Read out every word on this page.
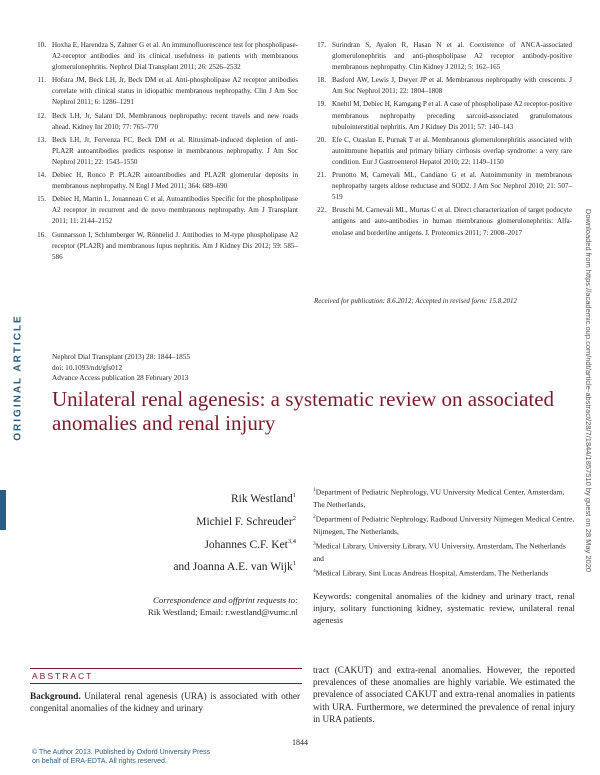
10. Hoxha E, Harendza S, Zahner G et al. An immunofluorescence test for phospholipase-A2-receptor antibodies and its clinical usefulness in patients with membranous glomerulonephritis. Nephrol Dial Transplant 2011; 26: 2526–2532
11. Hofstra JM, Beck LH, Jr, Beck DM et al. Anti-phospholipase A2 receptor antibodies correlate with clinical status in idiopathic membranous nephropathy. Clin J Am Soc Nephrol 2011; 6: 1286–1291
12. Beck LH, Jr, Salant DJ. Membranous nephropathy: recent travels and new roads ahead. Kidney Int 2010; 77: 765–770
13. Beck LH, Jr, Fervenza FC, Beck DM et al. Rituximab-induced depletion of anti-PLA2R autoantibodies predicts response in membranous nephropathy. J Am Soc Nephrol 2011; 22: 1543–1550
14. Debiec H, Ronco P. PLA2R autoantibodies and PLA2R glomerular deposits in membranous nephropathy. N Engl J Med 2011; 364: 689–690
15. Debiec H, Martin L, Jouanneau C et al. Autoantibodies Specific for the phospholipase A2 receptor in recurrent and de novo membranous nephropathy. Am J Transplant 2011; 11: 2144–2152
16. Gunnarsson I, Schlumberger W, Rönnelid J. Antibodies to M-type phospholipase A2 receptor (PLA2R) and membranous lupus nephritis. Am J Kidney Dis 2012; 59: 585–586
17. Surindran S, Ayalon R, Hasan N et al. Coexistence of ANCA-associated glomerulonephritis and anti-phospholipase A2 receptor antibody-positive membranous nephropathy. Clin Kidney J 2012; 5: 162–165
18. Basford AW, Lewis J, Dwyer JP et al. Membranous nephropathy with crescents. J Am Soc Nephrol 2011; 22: 1804–1808
19. Knehtl M, Debiec H, Kamgang P et al. A case of phospholipase A2 receptor-positive membranous nephropathy preceding sarcoid-associated granulomatous tubulointerstitial nephritis. Am J Kidney Dis 2011; 57: 140–143
20. Efe C, Ozaslan E, Purnak T et al. Membranous glomerulonephritis associated with autoimmune hepatitis and primary biliary cirrhosis overlap syndrome: a very rare condition. Eur J Gastroenterol Hepatol 2010; 22: 1149–1150
21. Prunotto M, Carnevali ML, Candiano G et al. Autoimmunity in membranous nephropathy targets aldose reductase and SOD2. J Am Soc Nephrol 2010; 21: 507–519
22. Bruschi M, Carnevali ML, Murtas C et al. Direct characterization of target podocyte antigens and auto-antibodies in human membranous glomerulonephritis: Alfa-enolase and borderline antigens. J. Proteomics 2011; 7: 2008–2017
Received for publication: 8.6.2012; Accepted in revised form: 15.8.2012
ORIGINAL ARTICLE	Downloaded from https://academic.oup.com/ndt/article-abstract/28/7/1844/1857510 by guest on 28 May 2020
Nephrol Dial Transplant (2013) 28: 1844–1855
doi: 10.1093/ndt/gfs012
Advance Access publication 28 February 2013
Unilateral renal agenesis: a systematic review on associated
anomalies and renal injury
Rik Westland$^1$
Michiel F. Schreuder$^2$
Johannes C.F. Ket$^{3,4}$
and Joanna A.E. van Wijk$^1$
$^1$Department of Pediatric Nephrology, VU University Medical Center, Amsterdam, The Netherlands,
$^2$Department of Pediatric Nephrology, Radboud University Nijmegen Medical Centre, Nijmegen, The Netherlands,
$^3$Medical Library, University Library, VU University, Amsterdam, The Netherlands and
$^4$Medical Library, Sint Lucas Andreas Hospital, Amsterdam, The Netherlands
Correspondence and offprint requests to:
Rik Westland; Email: r.westland@vumc.nl
Keywords: congenital anomalies of the kidney and urinary tract, renal injury, solitary functioning kidney, systematic review, unilateral renal agenesis
ABSTRACT
Background. Unilateral renal agenesis (URA) is associated with other congenital anomalies of the kidney and urinary
tract (CAKUT) and extra-renal anomalies. However, the reported prevalences of these anomalies are highly variable. We estimated the prevalence of associated CAKUT and extra-renal anomalies in patients with URA. Furthermore, we determined the prevalence of renal injury in URA patients.
1844
© The Author 2013. Published by Oxford University Press
on behalf of ERA-EDTA. All rights reserved.
